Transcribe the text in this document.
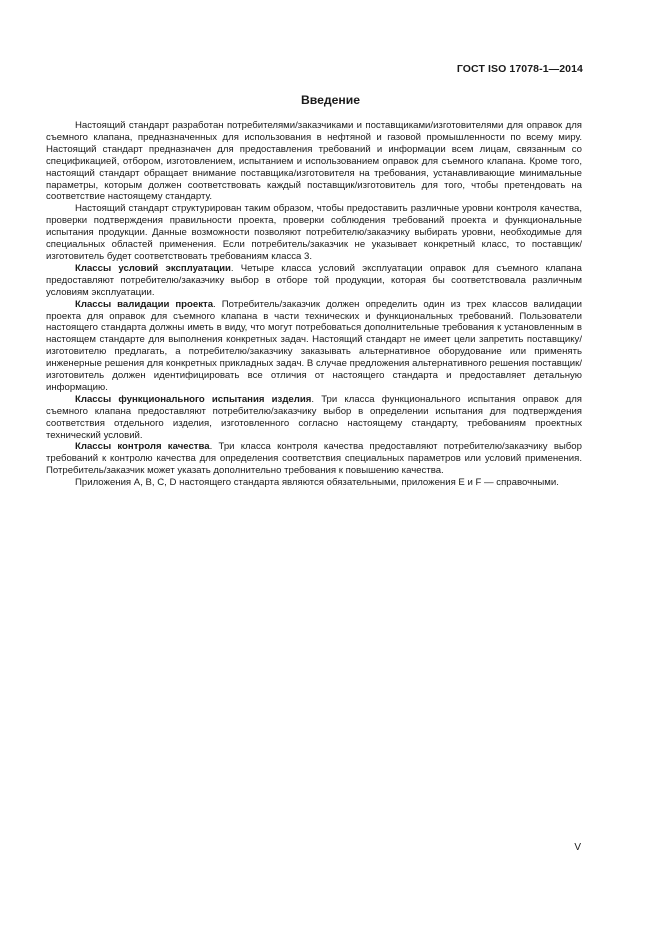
ГОСТ ISO 17078-1—2014
Введение

Настоящий стандарт разработан потребителями/заказчиками и поставщиками/изготовителями для оправок для съемного клапана, предназначенных для использования в нефтяной и газовой промышленности по всему миру. Настоящий стандарт предназначен для предоставления требований и информации всем лицам, связанным со спецификацией, отбором, изготовлением, испытанием и использованием оправок для съемного клапана. Кроме того, настоящий стандарт обращает внимание поставщика/изготовителя на требования, устанавливающие минимальные параметры, которым должен соответствовать каждый поставщик/изготовитель для того, чтобы претендовать на соответствие настоящему стандарту.

Настоящий стандарт структурирован таким образом, чтобы предоставить различные уровни контроля качества, проверки подтверждения правильности проекта, проверки соблюдения требований проекта и функциональные испытания продукции. Данные возможности позволяют потребителю/заказчику выбирать уровни, необходимые для специальных областей применения. Если потребитель/заказчик не указывает конкретный класс, то поставщик/изготовитель будет соответствовать требованиям класса 3.

Классы условий эксплуатации. Четыре класса условий эксплуатации оправок для съемного клапана предоставляют потребителю/заказчику выбор в отборе той продукции, которая бы соответствовала различным условиям эксплуатации.

Классы валидации проекта. Потребитель/заказчик должен определить один из трех классов валидации проекта для оправок для съемного клапана в части технических и функциональных требований. Пользователи настоящего стандарта должны иметь в виду, что могут потребоваться дополнительные требования к установленным в настоящем стандарте для выполнения конкретных задач. Настоящий стандарт не имеет цели запретить поставщику/изготовителю предлагать, а потребителю/заказчику заказывать альтернативное оборудование или применять инженерные решения для конкретных прикладных задач. В случае предложения альтернативного решения поставщик/изготовитель должен идентифицировать все отличия от настоящего стандарта и предоставляет детальную информацию.

Классы функционального испытания изделия. Три класса функционального испытания оправок для съемного клапана предоставляют потребителю/заказчику выбор в определении испытания для подтверждения соответствия отдельного изделия, изготовленного согласно настоящему стандарту, требованиям проектных технический условий.

Классы контроля качества. Три класса контроля качества предоставляют потребителю/заказчику выбор требований к контролю качества для определения соответствия специальных параметров или условий применения. Потребитель/заказчик может указать дополнительно требования к повышению качества.

Приложения А, В, С, D настоящего стандарта являются обязательными, приложения Е и F — справочными.

V
